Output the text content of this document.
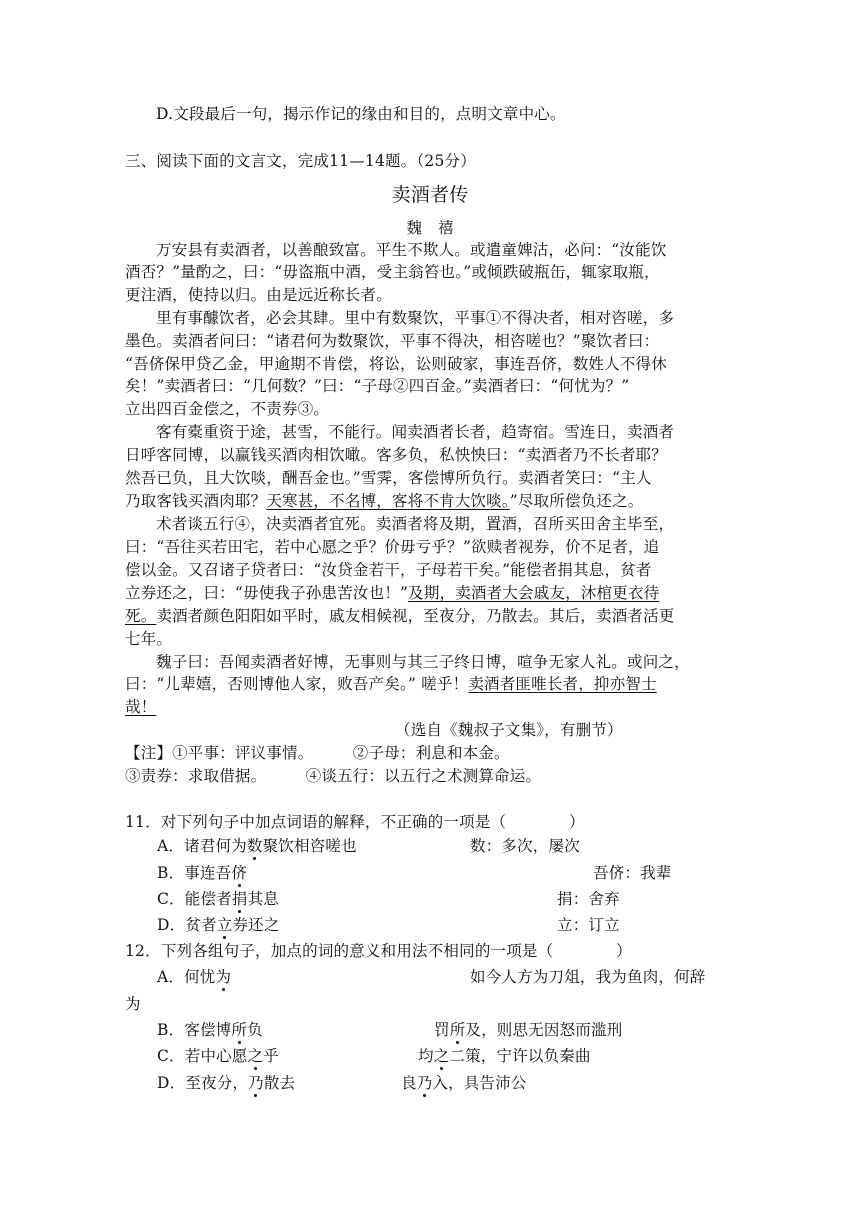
D.文段最后一句，揭示作记的缘由和目的，点明文章中心。
三、阅读下面的文言文，完成11—14题。（25分）
卖酒者传
魏　禧
万安县有卖酒者，以善酿致富。平生不欺人。或遣童婢沽，必问：“汝能饮
酒否？”量酌之，曰：“毋盗瓶中酒，受主翁笞也。”或倾跌破瓶缶，辄家取瓶，
更注酒，使持以归。由是远近称长者。
里有事醵饮者，必会其肆。里中有数聚饮，平事①不得决者，相对咨嗟，多
墨色。卖酒者问曰：“诸君何为数聚饮，平事不得决，相咨嗟也？”聚饮者曰：
“吾侪保甲贷乙金，甲逾期不肯偿，将讼，讼则破家，事连吾侪，数姓人不得休
矣！”卖酒者曰：“几何数？”曰：“子母②四百金。”卖酒者曰：“何忧为？”
立出四百金偿之，不责券③。
客有橐重资于途，甚雪，不能行。闻卖酒者长者，趋寄宿。雪连日，卖酒者
日呼客同博，以赢钱买酒肉相饮噉。客多负，私怏怏曰：“卖酒者乃不长者耶？
然吾已负，且大饮啖，酬吾金也。”雪霁，客偿博所负行。卖酒者笑曰：“主人
乃取客钱买酒肉耶？天寒甚，不名博，客将不肯大饮啖。”尽取所偿负还之。
术者谈五行④，决卖酒者宜死。卖酒者将及期，置酒，召所买田舍主毕至，
曰：“吾往买若田宅，若中心愿之乎？价毋亏乎？”欲赎者视券，价不足者，追
偿以金。又召诸子贷者曰：“汝贷金若干，子母若干矣。”能偿者捐其息，贫者
立券还之，曰：“毋使我子孙患苦汝也！”及期，卖酒者大会戚友，沐棺更衣待
死。卖酒者颜色阳阳如平时，戚友相候视，至夜分，乃散去。其后，卖酒者活更
七年。
魏子曰：吾闻卖酒者好博，无事则与其三子终日博，喧争无家人礼。或问之，
曰：“儿辈嬉，否则博他人家，败吾产矣。” 嗟乎！卖酒者匪唯长者，抑亦智士
哉！
（选自《魏叔子文集》，有删节）
【注】①平事：评议事情。　　　②子母：利息和本金。
③责券：求取借据。　　　④谈五行：以五行之术测算命运。
11．对下列句子中加点词语的解释，不正确的一项是（　　　　）
A．诸君何为数聚饮相咨嗟也	数：多次，屡次
B．事连吾侪	吾侪：我辈
C．能偿者捐其息	捐：舍弃
D．贫者立券还之	立：订立
12．下列各组句子，加点的词的意义和用法不相同的一项是（　　　　）
A．何忧为	如今人方为刀俎，我为鱼肉，何辞
为
B．客偿博所负	罚所及，则思无因怒而滥刑
C．若中心愿之乎	均之二策，宁许以负秦曲
D．至夜分，乃散去	良乃入，具告沛公
